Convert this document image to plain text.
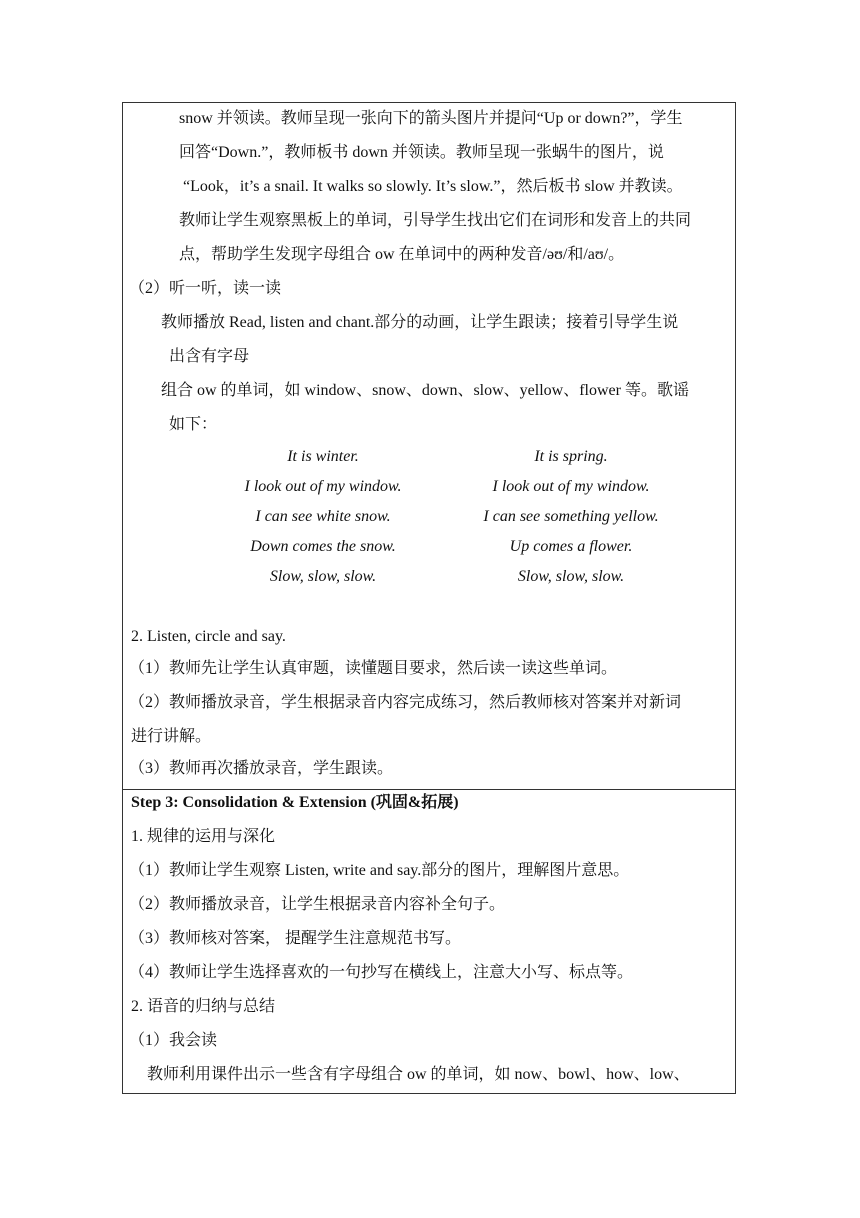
snow 并领读。教师呈现一张向下的箭头图片并提问“Up or down?”，学生
回答“Down.”，教师板书 down 并领读。教师呈现一张蜗牛的图片，说
“Look，it’s a snail. It walks so slowly. It’s slow.”，然后板书 slow 并教读。
教师让学生观察黑板上的单词，引导学生找出它们在词形和发音上的共同
点，帮助学生发现字母组合 ow 在单词中的两种发音/əʊ/和/aʊ/。
（2）听一听，读一读
教师播放 Read, listen and chant.部分的动画，让学生跟读；接着引导学生说
出含有字母
组合 ow 的单词，如 window、snow、down、slow、yellow、flower 等。歌谣
如下：
It is winter.
I look out of my window.
I can see white snow.
Down comes the snow.
Slow, slow, slow.
It is spring.
I look out of my window.
I can see something yellow.
Up comes a flower.
Slow, slow, slow.
2. Listen, circle and say.
（1）教师先让学生认真审题，读懂题目要求，然后读一读这些单词。
（2）教师播放录音，学生根据录音内容完成练习，然后教师核对答案并对新词
进行讲解。
（3）教师再次播放录音，学生跟读。
Step 3: Consolidation & Extension (巩固&拓展)
1. 规律的运用与深化
（1）教师让学生观察 Listen, write and say.部分的图片，理解图片意思。
（2）教师播放录音，让学生根据录音内容补全句子。
（3）教师核对答案， 提醒学生注意规范书写。
（4）教师让学生选择喜欢的一句抄写在横线上，注意大小写、标点等。
2. 语音的归纳与总结
（1）我会读
教师利用课件出示一些含有字母组合 ow 的单词，如 now、bowl、how、low、
